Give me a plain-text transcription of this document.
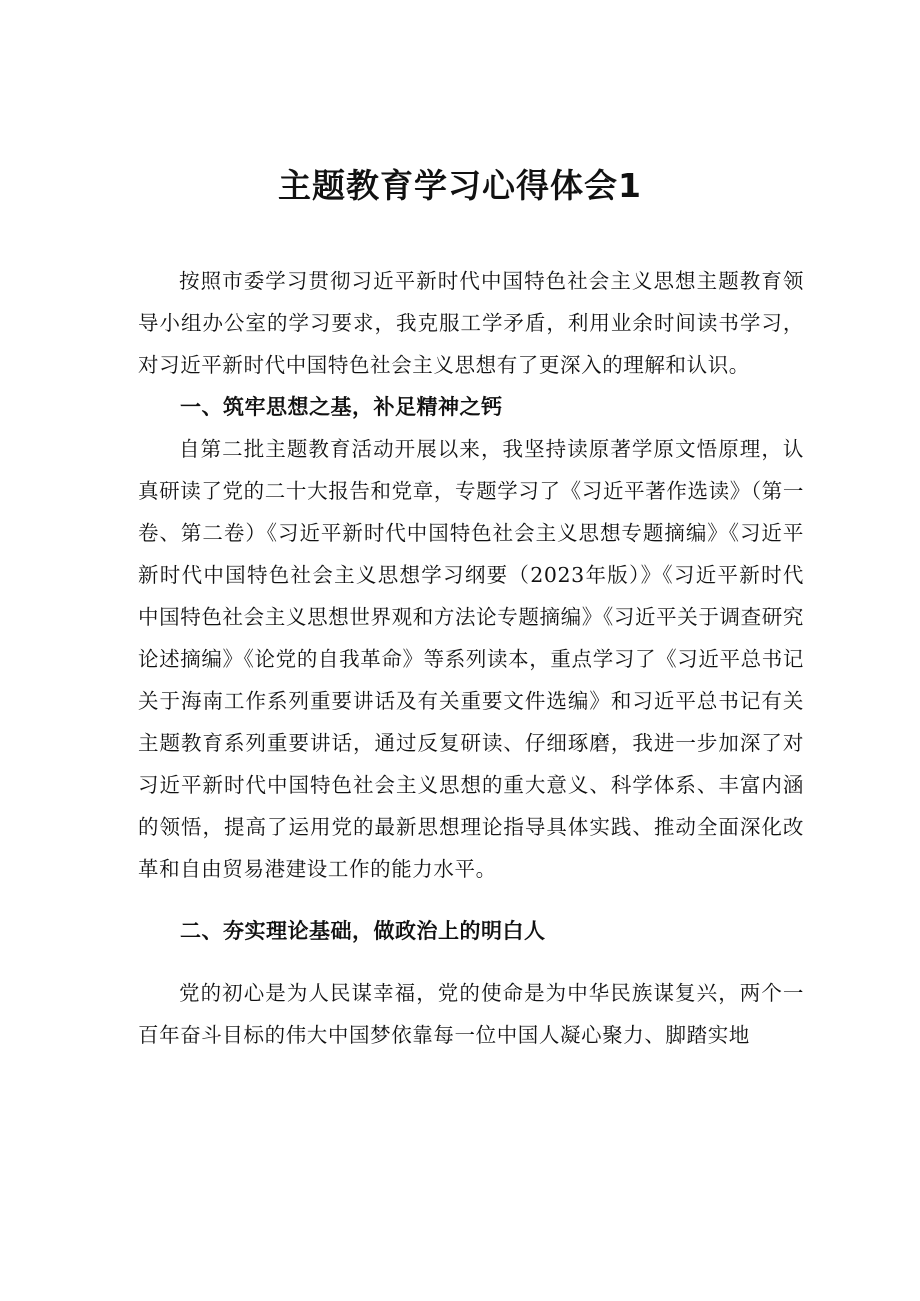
主题教育学习心得体会1

按照市委学习贯彻习近平新时代中国特色社会主义思想主题教育领导小组办公室的学习要求，我克服工学矛盾，利用业余时间读书学习，对习近平新时代中国特色社会主义思想有了更深入的理解和认识。

一、筑牢思想之基，补足精神之钙

自第二批主题教育活动开展以来，我坚持读原著学原文悟原理，认真研读了党的二十大报告和党章，专题学习了《习近平著作选读》（第一卷、第二卷）《习近平新时代中国特色社会主义思想专题摘编》《习近平新时代中国特色社会主义思想学习纲要（2023年版）》《习近平新时代中国特色社会主义思想世界观和方法论专题摘编》《习近平关于调查研究论述摘编》《论党的自我革命》等系列读本，重点学习了《习近平总书记关于海南工作系列重要讲话及有关重要文件选编》和习近平总书记有关主题教育系列重要讲话，通过反复研读、仔细琢磨，我进一步加深了对习近平新时代中国特色社会主义思想的重大意义、科学体系、丰富内涵的领悟，提高了运用党的最新思想理论指导具体实践、推动全面深化改革和自由贸易港建设工作的能力水平。

二、夯实理论基础，做政治上的明白人

党的初心是为人民谋幸福，党的使命是为中华民族谋复兴，两个一百年奋斗目标的伟大中国梦依靠每一位中国人凝心聚力、脚踏实地
